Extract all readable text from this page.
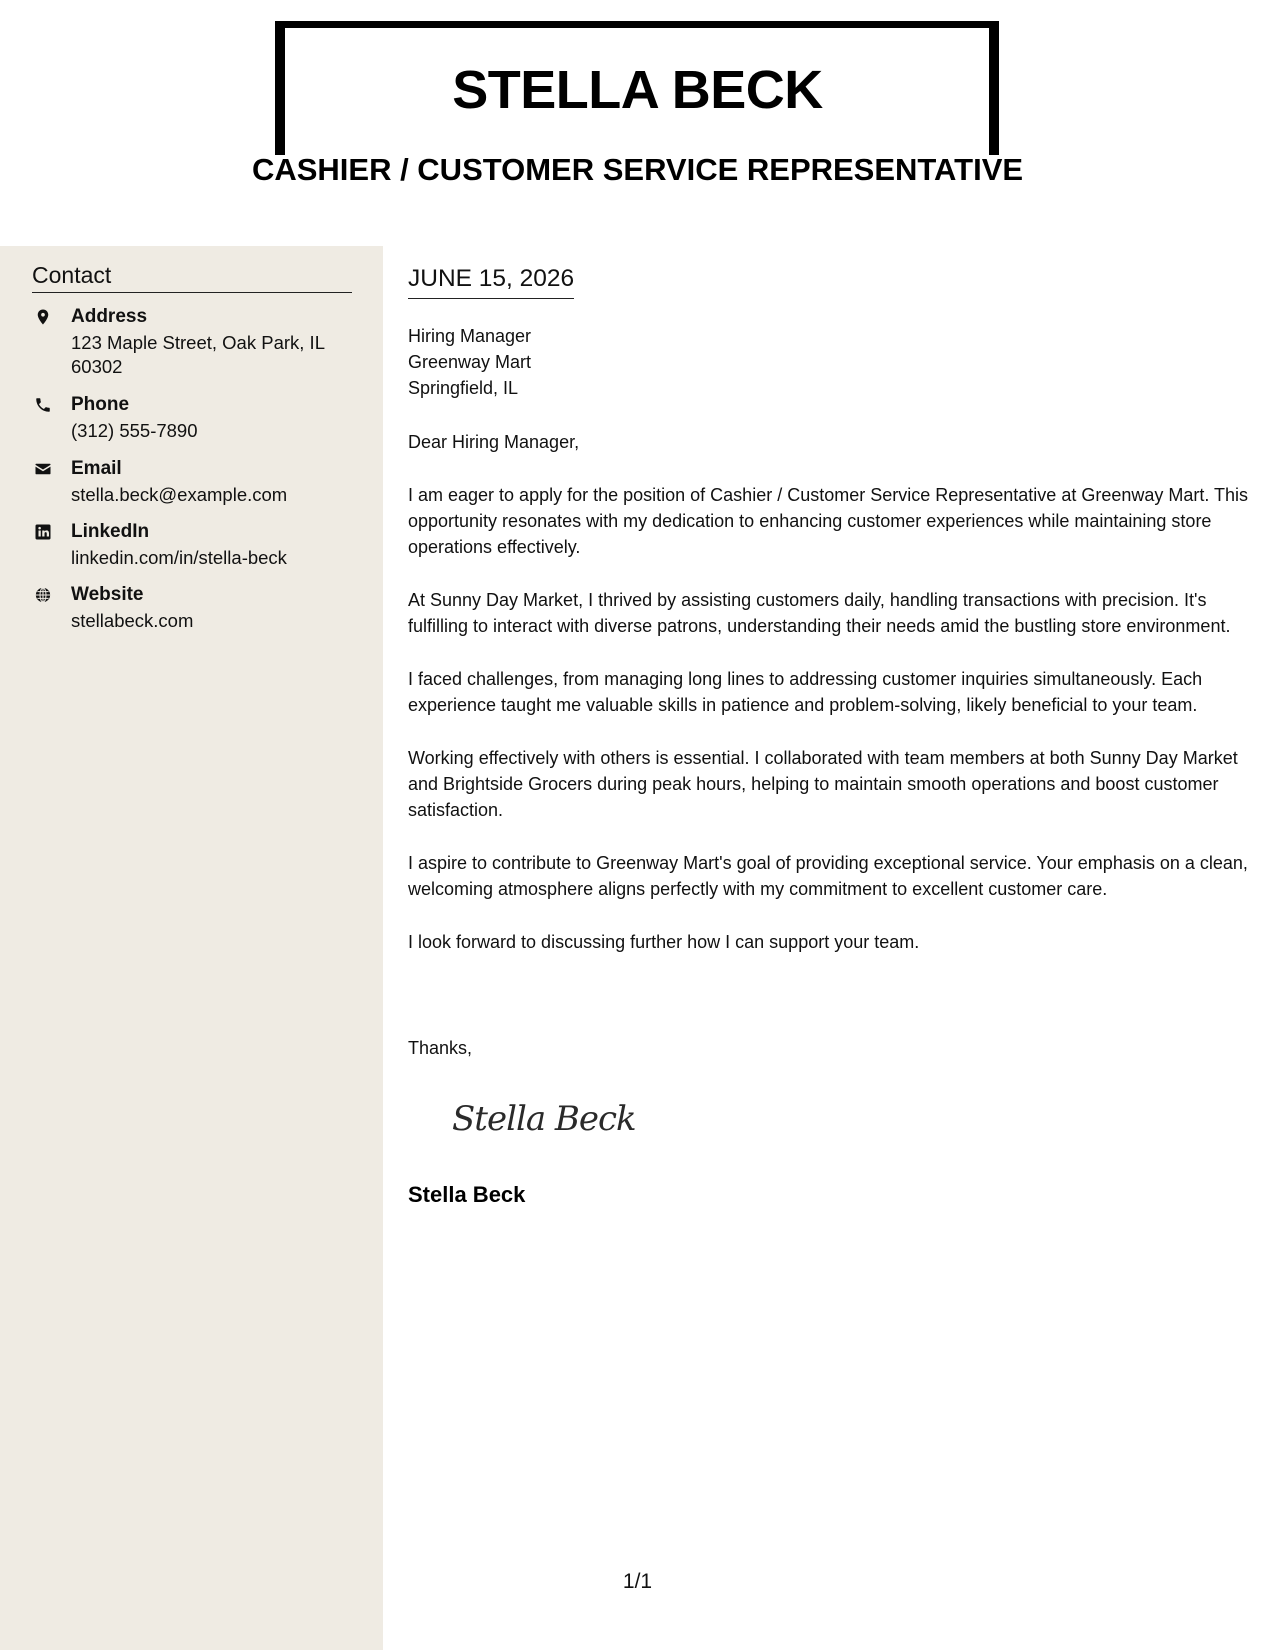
STELLA BECK
CASHIER / CUSTOMER SERVICE REPRESENTATIVE
Contact
Address
123 Maple Street, Oak Park, IL 60302
Phone
(312) 555-7890
Email
stella.beck@example.com
LinkedIn
linkedin.com/in/stella-beck
Website
stellabeck.com
JUNE 15, 2026
Hiring Manager
Greenway Mart
Springfield, IL

Dear Hiring Manager,

I am eager to apply for the position of Cashier / Customer Service Representative at Greenway Mart. This opportunity resonates with my dedication to enhancing customer experiences while maintaining store operations effectively.

At Sunny Day Market, I thrived by assisting customers daily, handling transactions with precision. It's fulfilling to interact with diverse patrons, understanding their needs amid the bustling store environment.

I faced challenges, from managing long lines to addressing customer inquiries simultaneously. Each experience taught me valuable skills in patience and problem-solving, likely beneficial to your team.

Working effectively with others is essential. I collaborated with team members at both Sunny Day Market and Brightside Grocers during peak hours, helping to maintain smooth operations and boost customer satisfaction.

I aspire to contribute to Greenway Mart's goal of providing exceptional service. Your emphasis on a clean, welcoming atmosphere aligns perfectly with my commitment to excellent customer care.

I look forward to discussing further how I can support your team.

Thanks,
Stella Beck
Stella Beck
1/1
